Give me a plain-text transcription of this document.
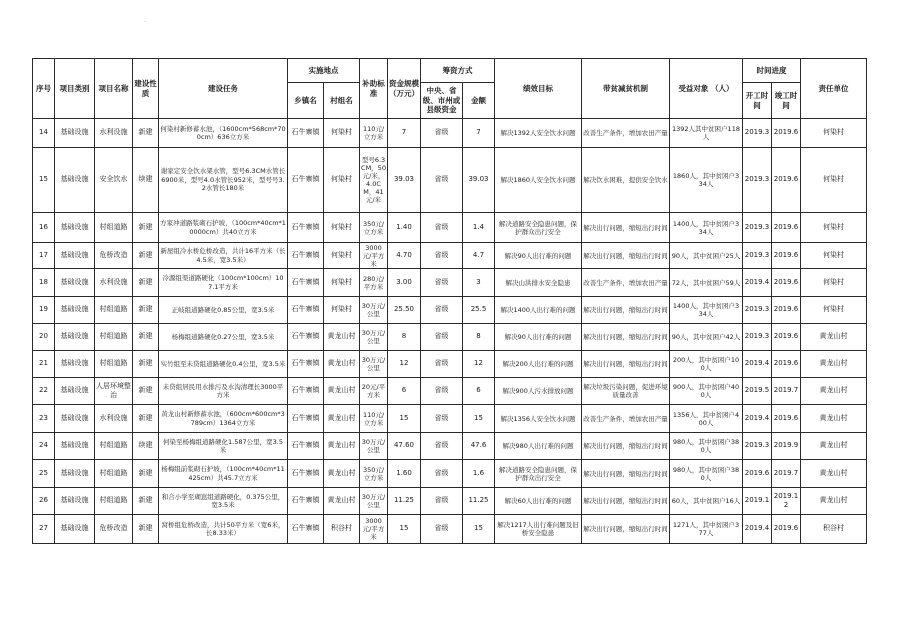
·
序号	项目类别	项目名称	建设性质	建设任务	实施地点		补助标准	资金规模（万元）	筹资方式		绩效目标	带贫减贫机制	受益对象 （人）	时间进度		责任单位
					乡镇名	村组名			中央、省级、市州或县级资金	金额				开工时间	竣工时间	

14	基础设施	水利设施	新建	何染村新修蓄水池，（1600cm*568cm*700cm）636立方米	石牛寨镇	何染村	110元/立方米	7	省级	7	解决1392人安全饮水问题	改善生产条件，增加农田产量	1392人其中贫困户118人	2019.3	2019.6	何染村
15	基础设施	安全饮水	续建	谢家定安全饮水架水管，型号6.3CM水管长6900米，型号4.0水管长952米，型号号3.2水管长180米	石牛寨镇	何染村	型号6.3CM，50元/米，4.0CM，41元/米	39.03	省级	39.03	解决1860人安全饮水问题	解决饮水困难，提供安全饮水	1860人，其中贫困户334人	2019.3	2019.6	何染村
16	基础设施	村组道路	新建	方家冲道路浆砌石护坡，（100cm*40cm*10000cm）共40立方米	石牛寨镇	何染村	350元/立方米	1.40	省级	1.4	解决道路安全隐患问题，保护群众出行安全	解决出行问题，缩短出行时间	1400人，其中贫困户334人	2019.3	2019.6	何染村
17	基础设施	危桥改造	新建	新屋组冷水桥危桥改造，共计16平方米（长4.5米，宽3.5米）	石牛寨镇	何染村	3000元/平方米	4.70	省级	4.7	解决90人出行难的问题	解决出行问题，缩短出行时间	90人，其中贫困户25人	2019.3	2019.6	何染村
18	基础设施	水利设施	新建	冷源组渠道路硬化（100cm*100cm）107.1平方米	石牛寨镇	何染村	280元/平方米	3.00	省级	3	解决山洪排水安全隐患	改善生产条件，增加农田产量	72人，其中贫困户59人	2019.4	2019.6	何染村
19	基础设施	村组道路	新建	正岐组道路硬化0.85公里，宽3.5米	石牛寨镇	何染村	30万元/公里	25.50	省级	25.5	解决1400人出行难的问题	解决出行问题，缩短出行时间	1400人，其中贫困户334人	2019.3	2019.6	何染村
20	基础设施	村组道路	新建	杨梅组道路硬化0.27公里，宽3.5米	石牛寨镇	黄龙山村	30万元/公里	8	省级	8	解决90人出行难的问题	解决出行问题，缩短出行时间	90人，其中贫困户42人	2019.3	2019.6	黄龙山村
21	基础设施	村组道路	新建	实竹组至未贷组道路硬化0.4公里，宽3.5米	石牛寨镇	黄龙山村	30万元/公里	12	省级	12	解决200人出行难的问题	解决出行问题，缩短出行时间	200人，其中贫困户100人	2019.4	2019.6	黄龙山村
22	基础设施	人居环境整治	新建	未贷组居民用水排污及水沟清理长3000平方米	石牛寨镇	黄龙山村	20元/平方米	6	省级	6	解决900人污水排放问题	解决垃圾污染问题，促进环境质量改善	900人，其中贫困户400人	2019.5	2019.7	黄龙山村
23	基础设施	水利设施	新建	黄龙山村新修蓄水池，（600cm*600cm*3789cm）1364立方米	石牛寨镇	黄龙山村	110元/立方米	15	省级	15	解决1356人安全饮水问题	改善生产条件，增加农田产量	1356人，其中贫困户400人	2019.4	2019.6	黄龙山村
24	基础设施	村组道路	续建	何染至杨梅组道路硬化1.587公里，宽3.5米	石牛寨镇	黄龙山村	30万元/公里	47.60	省级	47.6	解决980人出行难的问题	解决出行问题，缩短出行时间	980人，其中贫困户380人	2019.3	2019.9	黄龙山村
25	基础设施	村组道路	新建	杨梅组前浆砌石护坡，（100cm*40cm*11425cm）共45.7立方米	石牛寨镇	黄龙山村	350元/立方米	1.60	省级	1.6	解决道路安全隐患问题，保护群众出行安全	解决出行问题，缩短出行时间	980人，其中贫困户380人	2019.6	2019.7	黄龙山村
26	基础设施	村组道路	新建	和合小学至瑚崽组道路硬化，0.375公里，宽3.5米	石牛寨镇	黄龙山村	30万元/公里	11.25	省级	11.25	解决60人出行难的问题	解决出行问题，缩短出行时间	60人，其中贫困户16人	2019.1	2019.12	黄龙山村
27	基础设施	危桥改造	新建	窝桥组危桥改造，共计50平方米（宽6米，长8.33米）	石牛寨镇	积谷村	3000元/平方米	15	省级	15	解决1217人出行难问题及旧桥安全隐患	解决出行问题，缩短出行时间	1271人，其中贫困户377人	2019.4	2019.6	积谷村
